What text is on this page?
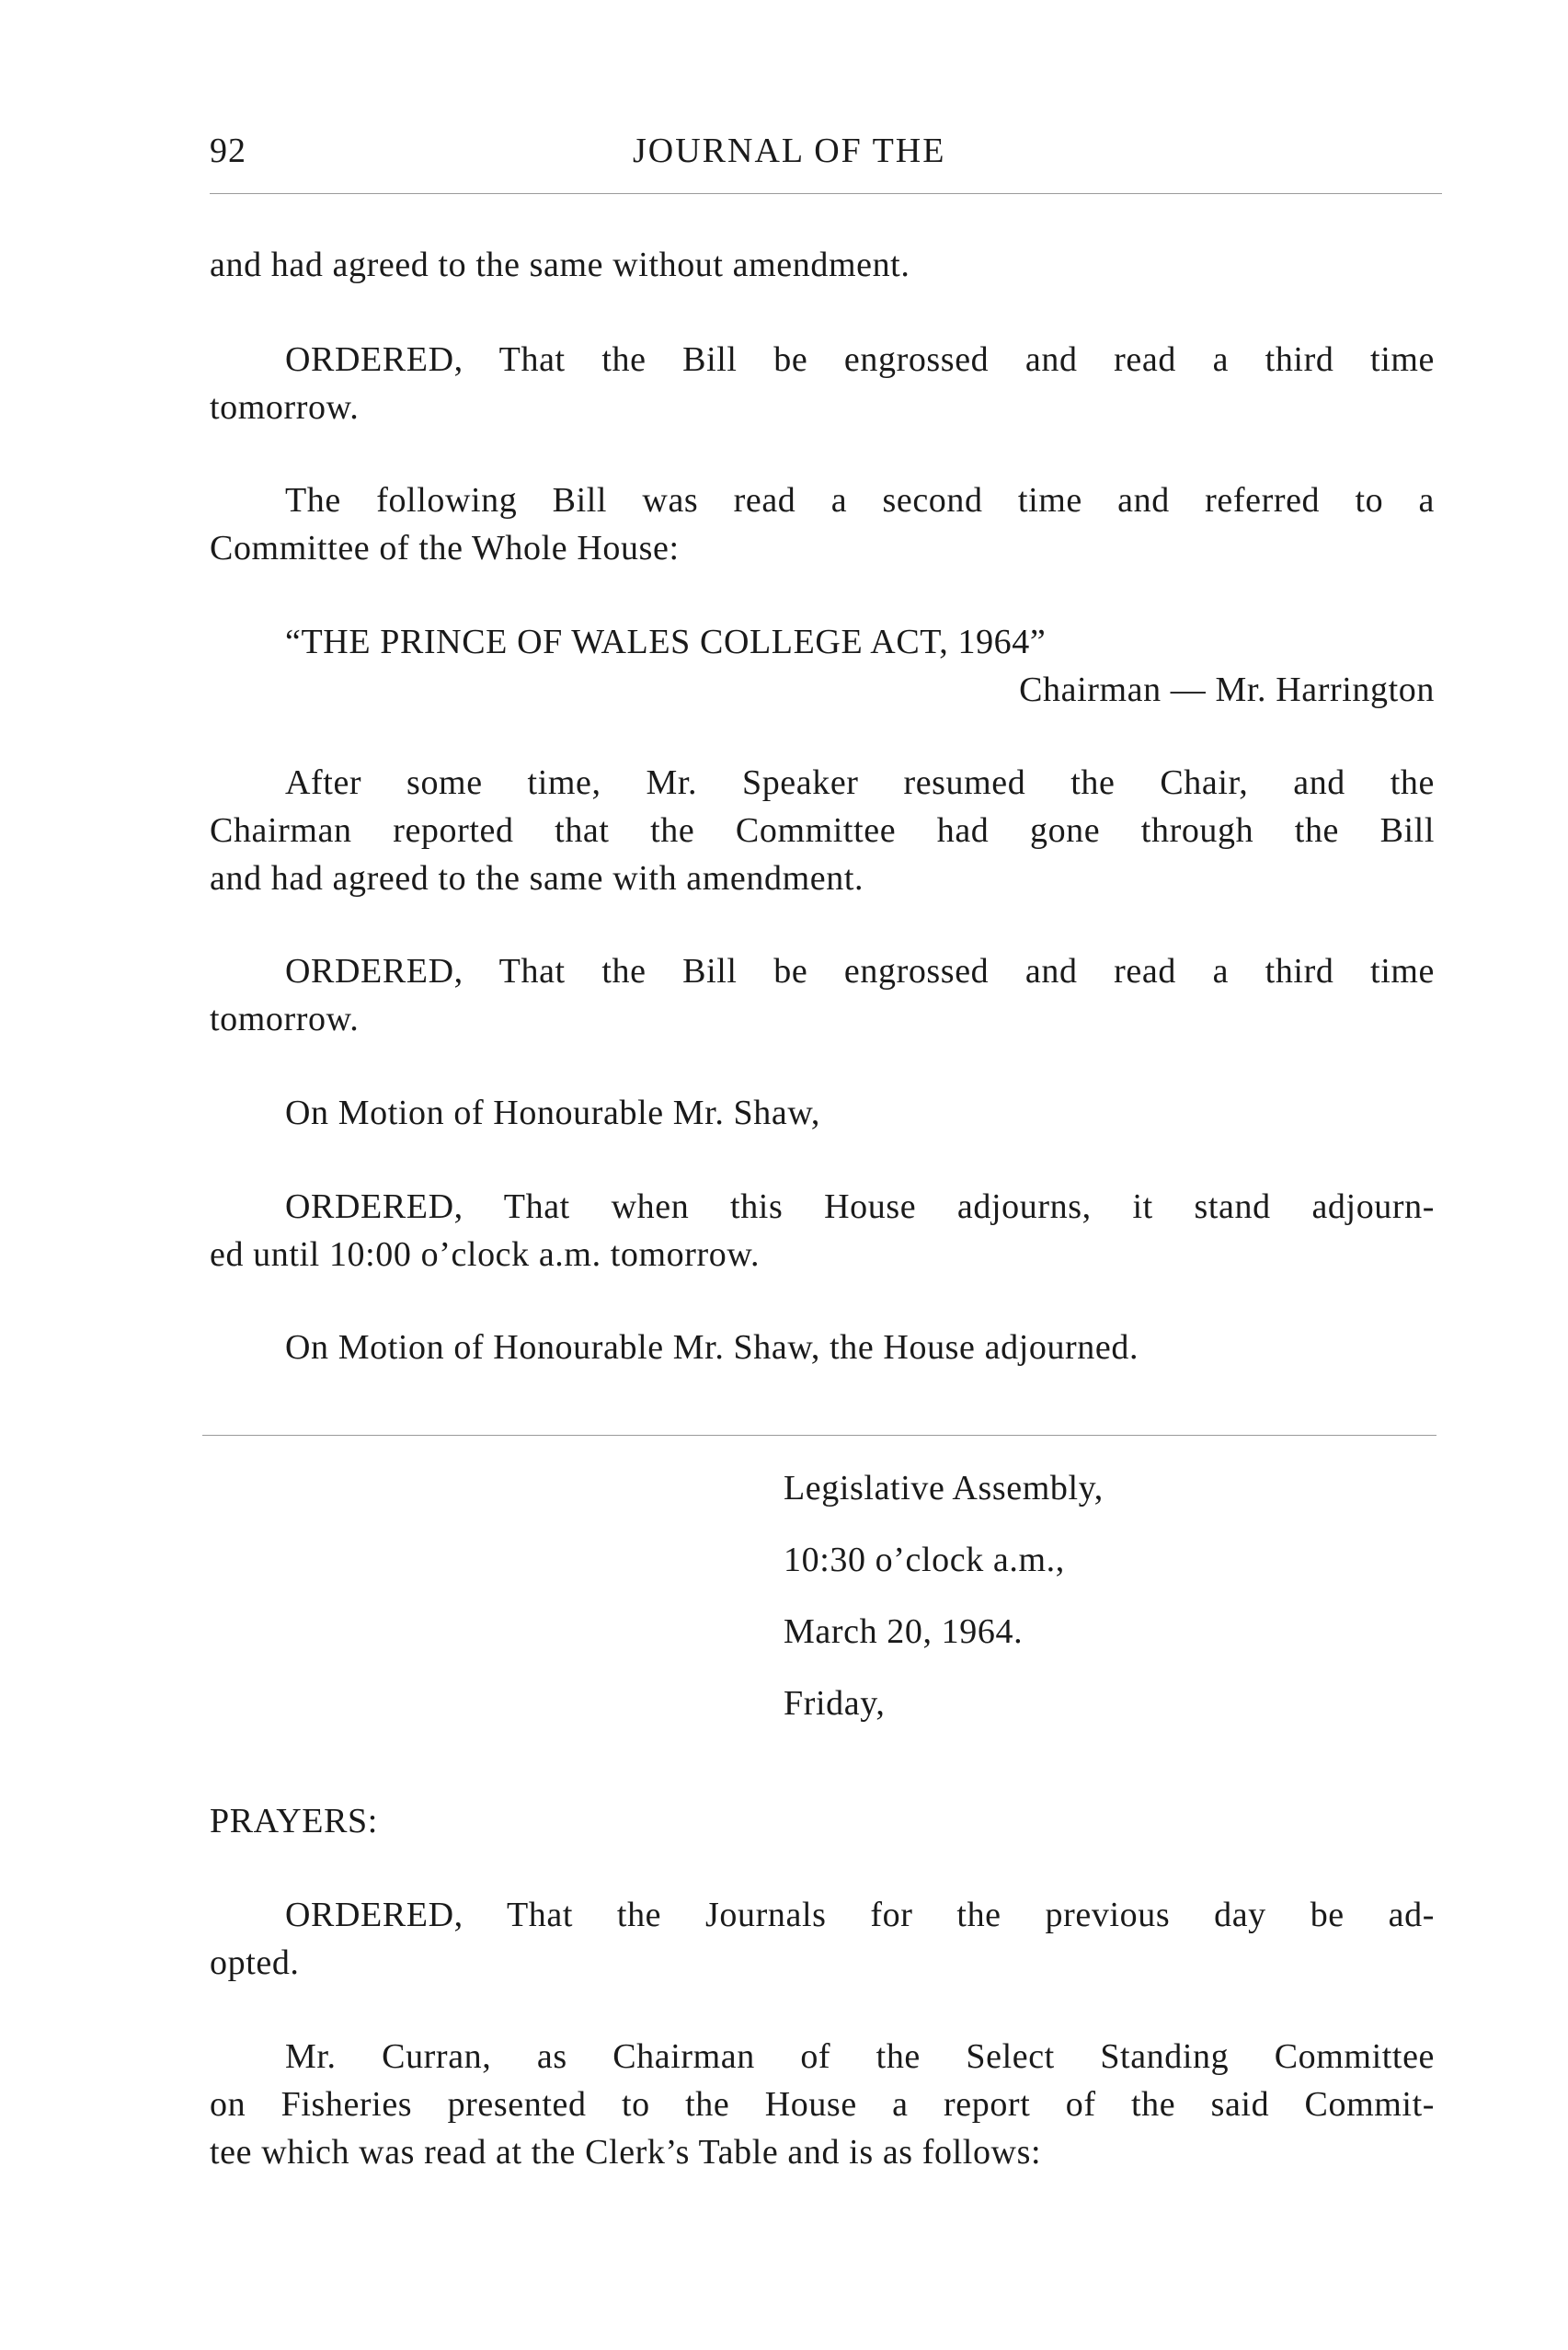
92	JOURNAL OF THE
and had agreed to the same without amendment.
ORDERED, That the Bill be engrossed and read a third time
tomorrow.
The following Bill was read a second time and referred to a
Committee of the Whole House:
“THE PRINCE OF WALES COLLEGE ACT, 1964”
Chairman — Mr. Harrington
After some time, Mr. Speaker resumed the Chair, and the
Chairman reported that the Committee had gone through the Bill
and had agreed to the same with amendment.
ORDERED, That the Bill be engrossed and read a third time
tomorrow.
On Motion of Honourable Mr. Shaw,
ORDERED, That when this House adjourns, it stand adjourn-
ed until 10:00 o’clock a.m. tomorrow.
On Motion of Honourable Mr. Shaw, the House adjourned.
Legislative Assembly,
10:30 o’clock a.m.,
March 20, 1964.
Friday,
PRAYERS:
ORDERED, That the Journals for the previous day be ad-
opted.
Mr. Curran, as Chairman of the Select Standing Committee
on Fisheries presented to the House a report of the said Commit-
tee which was read at the Clerk’s Table and is as follows:
